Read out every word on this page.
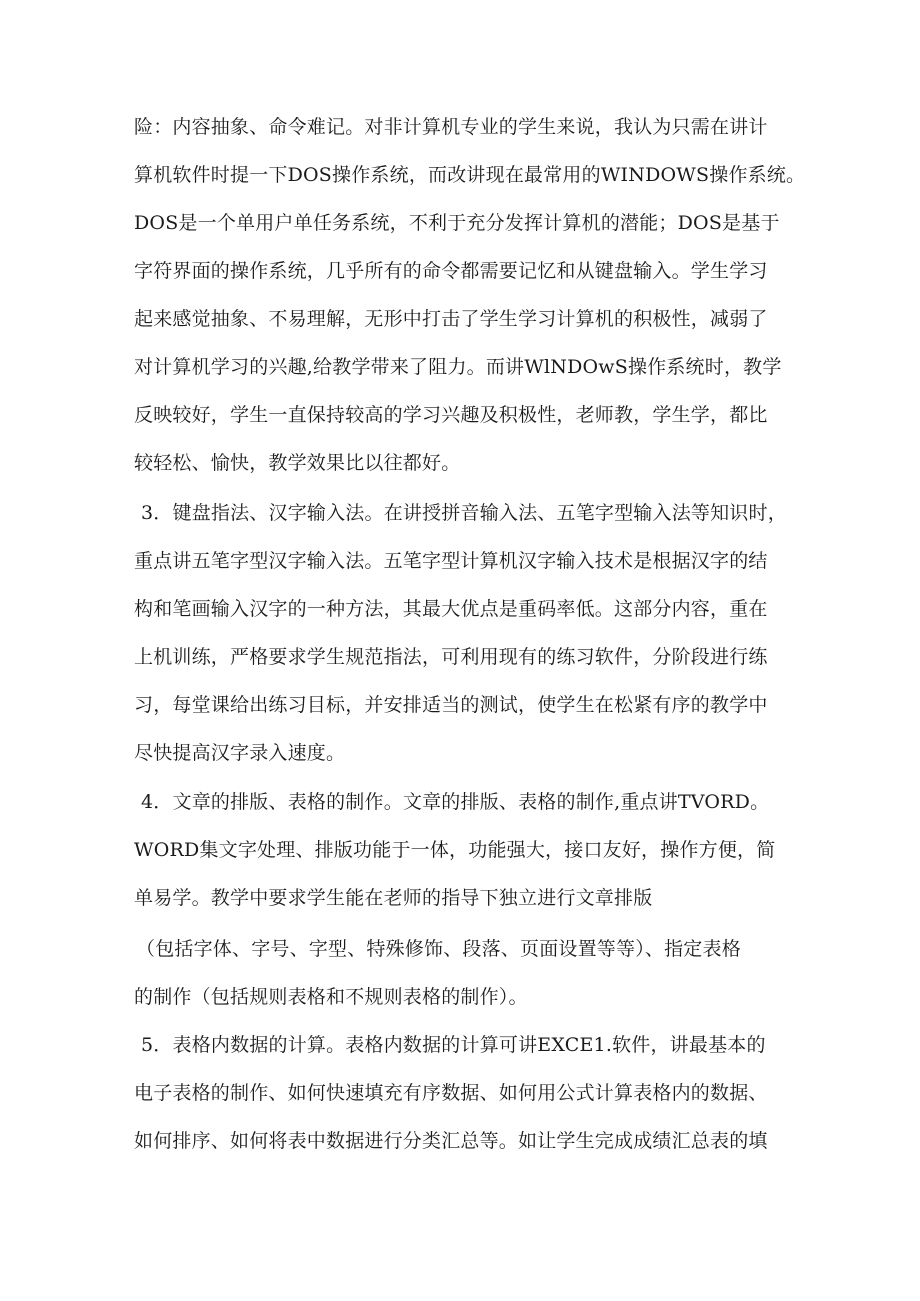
险：内容抽象、命令难记。对非计算机专业的学生来说，我认为只需在讲计
算机软件时提一下DOS操作系统，而改讲现在最常用的WINDOWS操作系统。
DOS是一个单用户单任务系统，不利于充分发挥计算机的潜能；DOS是基于
字符界面的操作系统，几乎所有的命令都需要记忆和从键盘输入。学生学习
起来感觉抽象、不易理解，无形中打击了学生学习计算机的积极性，减弱了
对计算机学习的兴趣,给教学带来了阻力。而讲WlNDOwS操作系统时，教学
反映较好，学生一直保持较高的学习兴趣及积极性，老师教，学生学，都比
较轻松、愉快，教学效果比以往都好。
3．键盘指法、汉字输入法。在讲授拼音输入法、五笔字型输入法等知识时，
重点讲五笔字型汉字输入法。五笔字型计算机汉字输入技术是根据汉字的结
构和笔画输入汉字的一种方法，其最大优点是重码率低。这部分内容，重在
上机训练，严格要求学生规范指法，可利用现有的练习软件，分阶段进行练
习，每堂课给出练习目标，并安排适当的测试，使学生在松紧有序的教学中
尽快提高汉字录入速度。
4．文章的排版、表格的制作。文章的排版、表格的制作,重点讲TVORD。
WORD集文字处理、排版功能于一体，功能强大，接口友好，操作方便，简
单易学。教学中要求学生能在老师的指导下独立进行文章排版
（包括字体、字号、字型、特殊修饰、段落、页面设置等等）、指定表格
的制作（包括规则表格和不规则表格的制作）。
5．表格内数据的计算。表格内数据的计算可讲EXCE1.软件，讲最基本的
电子表格的制作、如何快速填充有序数据、如何用公式计算表格内的数据、
如何排序、如何将表中数据进行分类汇总等。如让学生完成成绩汇总表的填
